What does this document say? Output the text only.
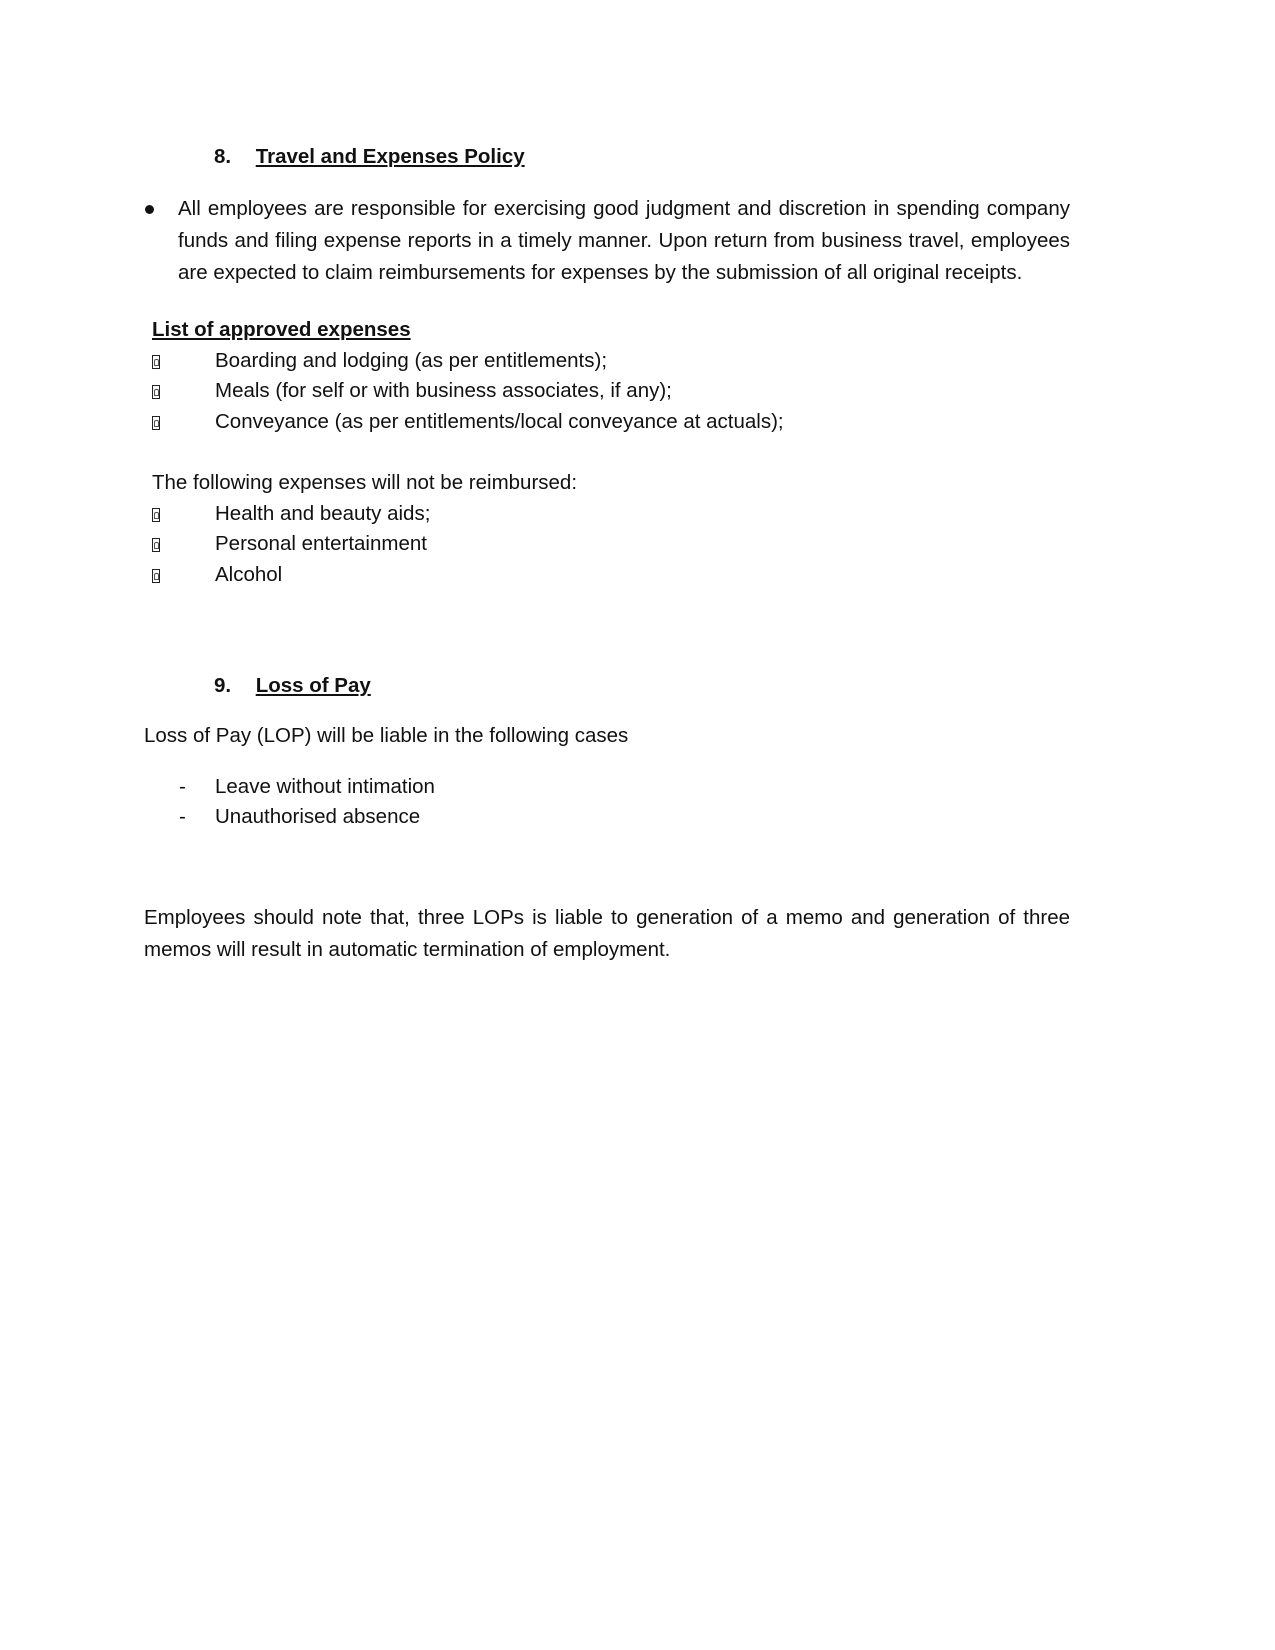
8. Travel and Expenses Policy
All employees are responsible for exercising good judgment and discretion in spending company funds and filing expense reports in a timely manner. Upon return from business travel, employees are expected to claim reimbursements for expenses by the submission of all original receipts.
List of approved expenses
Boarding and lodging (as per entitlements);
Meals (for self or with business associates, if any);
Conveyance (as per entitlements/local conveyance at actuals);
The following expenses will not be reimbursed:
Health and beauty aids;
Personal entertainment
Alcohol
9. Loss of Pay
Loss of Pay (LOP) will be liable in the following cases
- Leave without intimation
- Unauthorised absence
Employees should note that, three LOPs is liable to generation of a memo and generation of three memos will result in automatic termination of employment.
